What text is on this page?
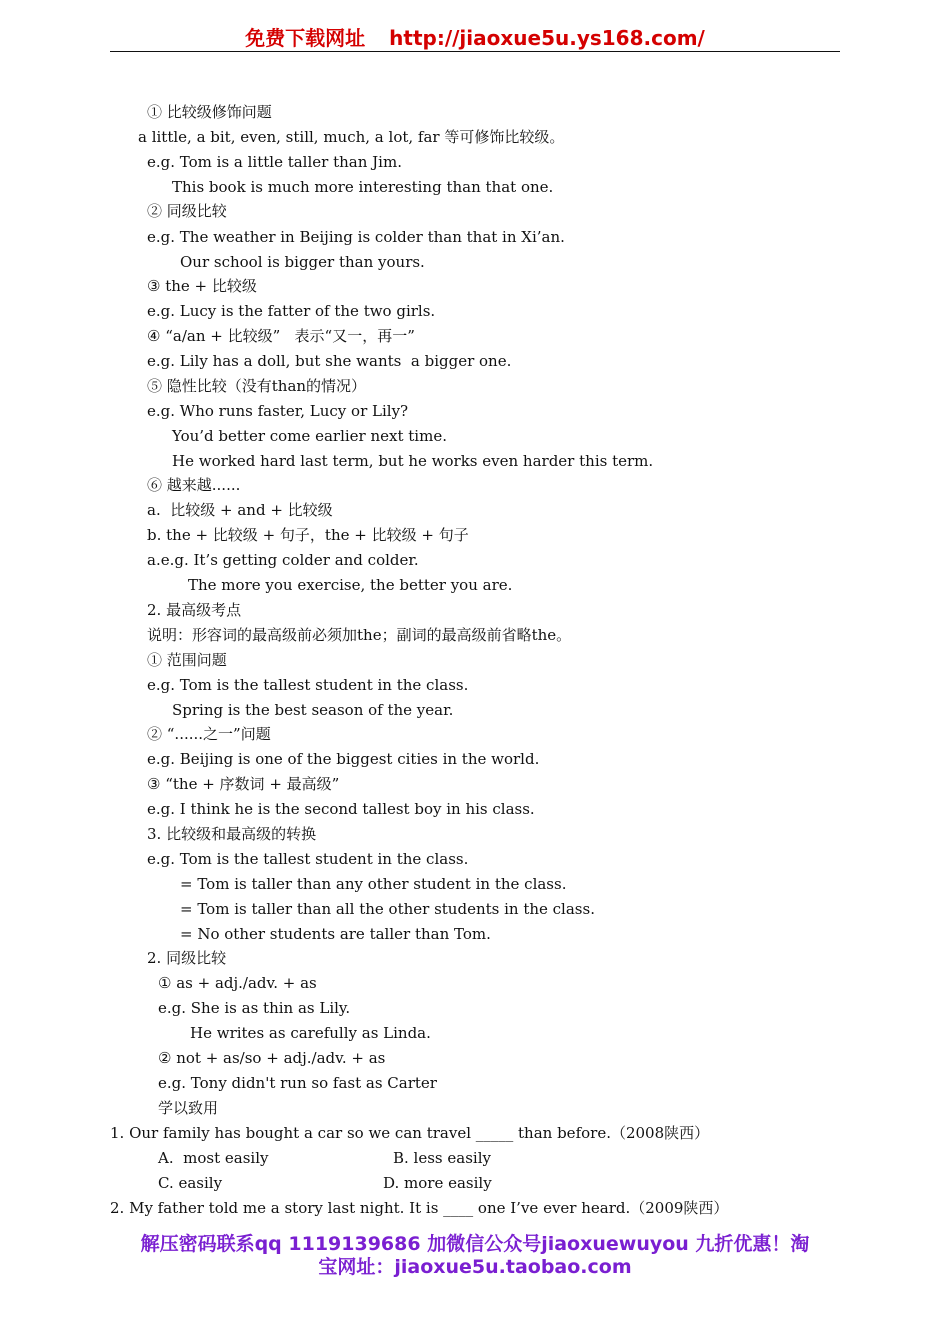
免费下载网址 http://jiaoxue5u.ys168.com/
① 比较级修饰问题
a little, a bit, even, still, much, a lot, far 等可修饰比较级。
e.g. Tom is a little taller than Jim.
This book is much more interesting than that one.
② 同级比较
e.g. The weather in Beijing is colder than that in Xi’an.
Our school is bigger than yours.
③ the + 比较级
e.g. Lucy is the fatter of the two girls.
④ “a/an + 比较级”   表示“又一，再一”
e.g. Lily has a doll, but she wants  a bigger one.
⑤ 隐性比较（没有than的情况）
e.g. Who runs faster, Lucy or Lily?
You’d better come earlier next time.
He worked hard last term, but he works even harder this term.
⑥ 越来越......
a.  比较级 + and + 比较级
b. the + 比较级 + 句子，the + 比较级 + 句子
a.e.g. It’s getting colder and colder.
The more you exercise, the better you are.
2. 最高级考点
说明：形容词的最高级前必须加the；副词的最高级前省略the。
① 范围问题
e.g. Tom is the tallest student in the class.
Spring is the best season of the year.
② “......之一”问题
e.g. Beijing is one of the biggest cities in the world.
③ “the + 序数词 + 最高级”
e.g. I think he is the second tallest boy in his class.
3. 比较级和最高级的转换
e.g. Tom is the tallest student in the class.
= Tom is taller than any other student in the class.
= Tom is taller than all the other students in the class.
= No other students are taller than Tom.
2. 同级比较
① as + adj./adv. + as
e.g. She is as thin as Lily.
He writes as carefully as Linda.
② not + as/so + adj./adv. + as
e.g. Tony didn't run so fast as Carter
学以致用
1. Our family has bought a car so we can travel _____ than before.（2008陕西）
A.  most easily	B. less easily
C. easily	D. more easily
2. My father told me a story last night. It is ____ one I’ve ever heard.（2009陕西）
解压密码联系qq 1119139686 加微信公众号jiaoxuewuyou 九折优惠！淘
宝网址：jiaoxue5u.taobao.com
